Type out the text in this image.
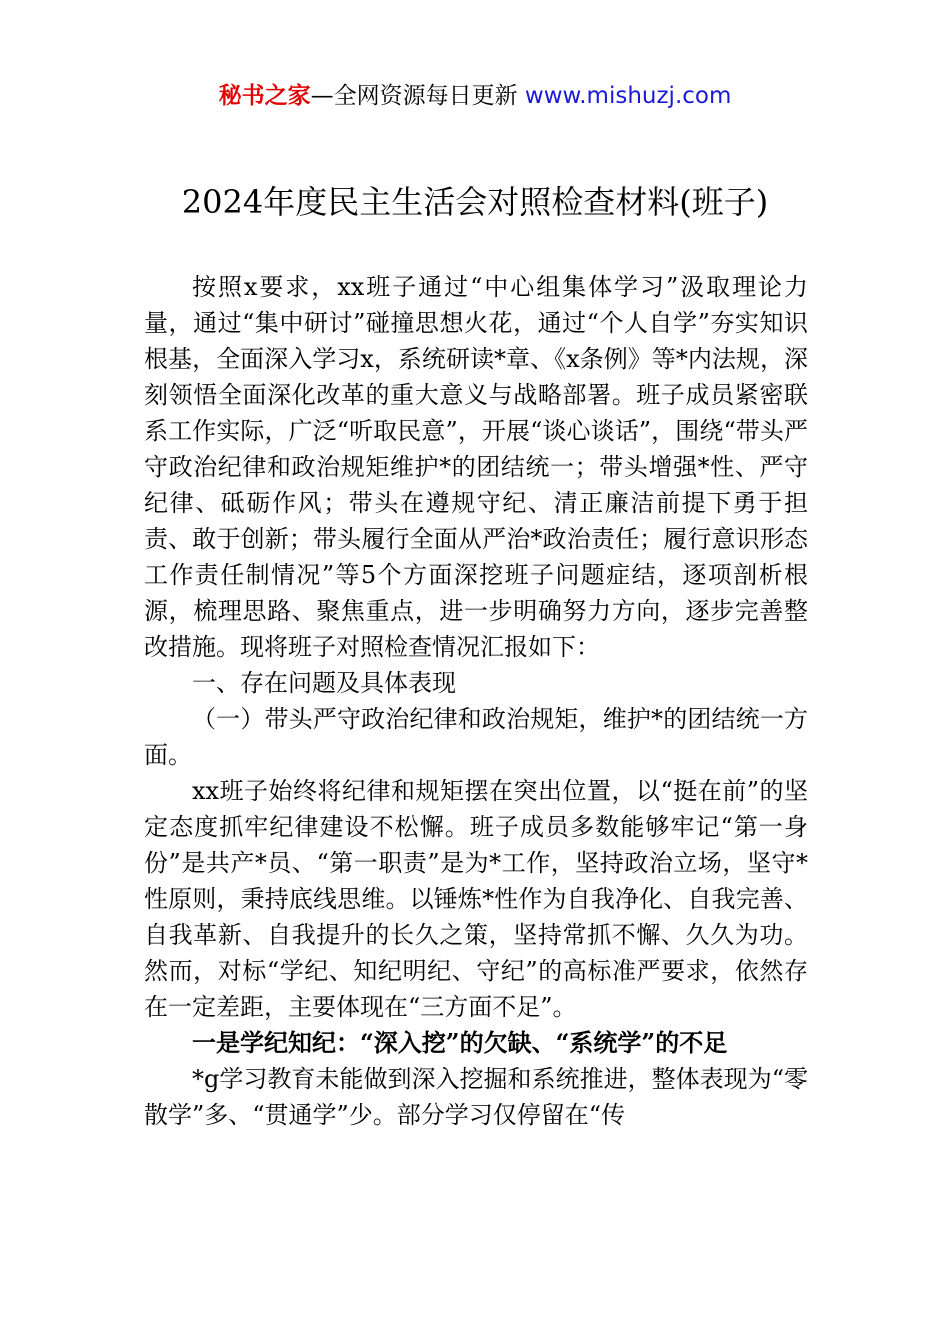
秘书之家—全网资源每日更新 www.mishuzj.com
2024年度民主生活会对照检查材料(班子)

按照x要求，xx班子通过“中心组集体学习”汲取理论力量，通过“集中研讨”碰撞思想火花，通过“个人自学”夯实知识根基，全面深入学习x，系统研读*章、《x条例》等*内法规，深刻领悟全面深化改革的重大意义与战略部署。班子成员紧密联系工作实际，广泛“听取民意”，开展“谈心谈话”，围绕“带头严守政治纪律和政治规矩维护*的团结统一；带头增强*性、严守纪律、砥砺作风；带头在遵规守纪、清正廉洁前提下勇于担责、敢于创新；带头履行全面从严治*政治责任；履行意识形态工作责任制情况”等5个方面深挖班子问题症结，逐项剖析根源，梳理思路、聚焦重点，进一步明确努力方向，逐步完善整改措施。现将班子对照检查情况汇报如下：

一、存在问题及具体表现

（一）带头严守政治纪律和政治规矩，维护*的团结统一方面。

xx班子始终将纪律和规矩摆在突出位置，以“挺在前”的坚定态度抓牢纪律建设不松懈。班子成员多数能够牢记“第一身份”是共产*员、“第一职责”是为*工作，坚持政治立场，坚守*性原则，秉持底线思维。以锤炼*性作为自我净化、自我完善、自我革新、自我提升的长久之策，坚持常抓不懈、久久为功。然而，对标“学纪、知纪明纪、守纪”的高标准严要求，依然存在一定差距，主要体现在“三方面不足”。

一是学纪知纪：“深入挖”的欠缺、“系统学”的不足

*g学习教育未能做到深入挖掘和系统推进，整体表现为“零散学”多、“贯通学”少。部分学习仅停留在“传
